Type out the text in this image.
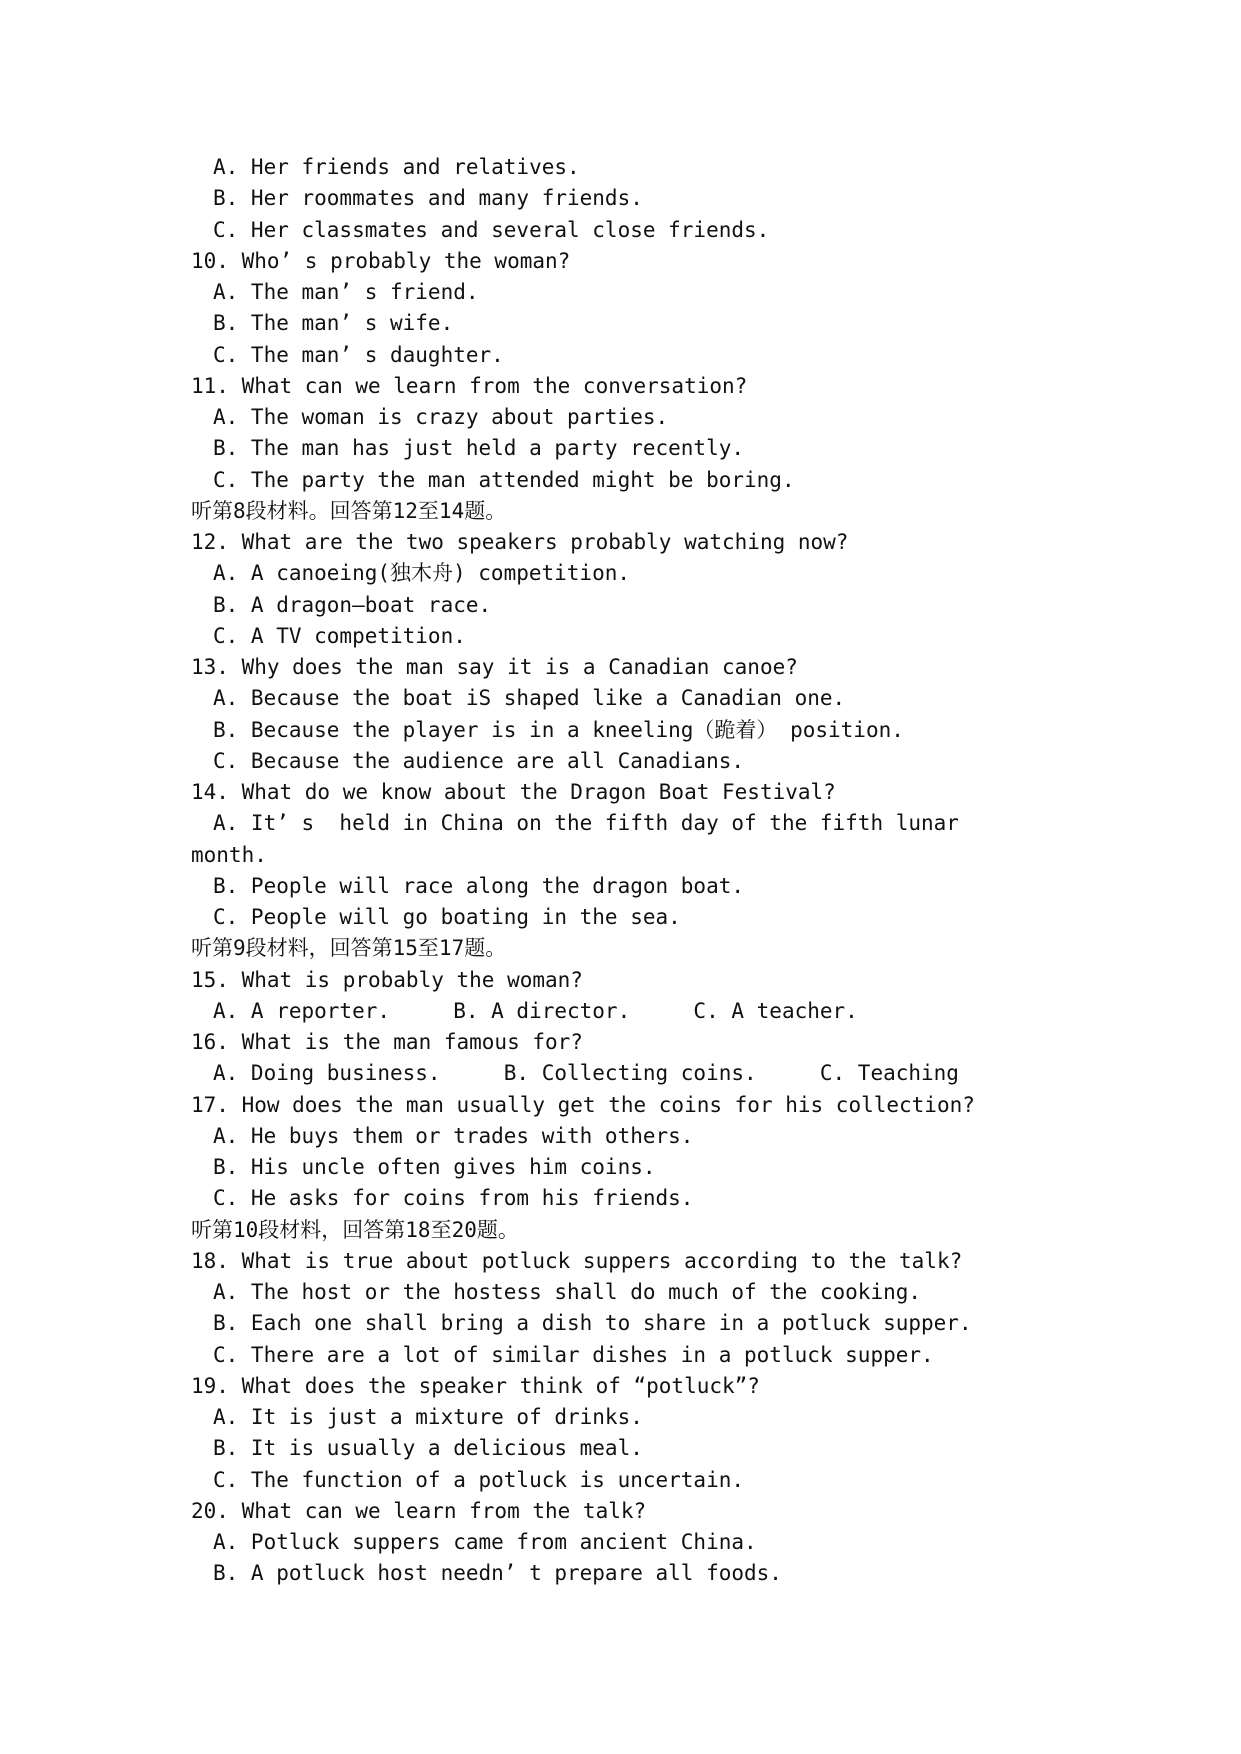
A. Her friends and relatives.
B. Her roommates and many friends.
C. Her classmates and several close friends.
10. Who’ s probably the woman?
A. The man’ s friend.
B. The man’ s wife.
C. The man’ s daughter.
11. What can we learn from the conversation?
A. The woman is crazy about parties.
B. The man has just held a party recently.
C. The party the man attended might be boring.
听第8段材料。回答第12至14题。
12. What are the two speakers probably watching now?
A. A canoeing(独木舟) competition.
B. A dragon—boat race.
C. A TV competition.
13. Why does the man say it is a Canadian canoe?
A. Because the boat iS shaped like a Canadian one.
B. Because the player is in a kneeling（跪着） position.
C. Because the audience are all Canadians.
14. What do we know about the Dragon Boat Festival?
A. It’ s  held in China on the fifth day of the fifth lunar
month.
B. People will race along the dragon boat.
C. People will go boating in the sea.
听第9段材料，回答第15至17题。
15. What is probably the woman?
A. A reporter.     B. A director.     C. A teacher.
16. What is the man famous for?
A. Doing business.     B. Collecting coins.     C. Teaching
17. How does the man usually get the coins for his collection?
A. He buys them or trades with others.
B. His uncle often gives him coins.
C. He asks for coins from his friends.
听第10段材料，回答第18至20题。
18. What is true about potluck suppers according to the talk?
A. The host or the hostess shall do much of the cooking.
B. Each one shall bring a dish to share in a potluck supper.
C. There are a lot of similar dishes in a potluck supper.
19. What does the speaker think of “potluck”?
A. It is just a mixture of drinks.
B. It is usually a delicious meal.
C. The function of a potluck is uncertain.
20. What can we learn from the talk?
A. Potluck suppers came from ancient China.
B. A potluck host needn’ t prepare all foods.
